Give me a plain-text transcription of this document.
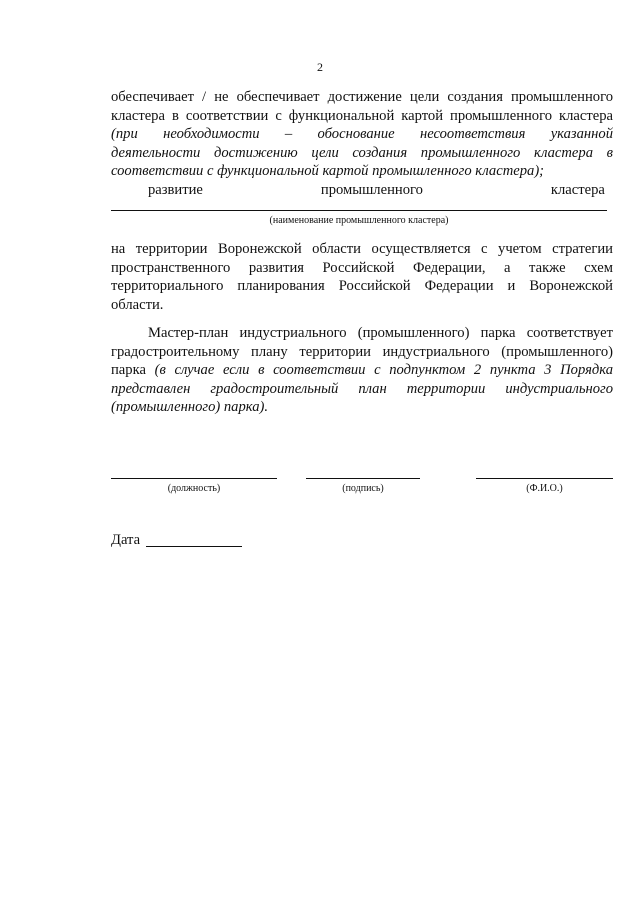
2
обеспечивает / не обеспечивает достижение цели создания промышленного
кластера в соответствии с функциональной картой промышленного кластера
(при необходимости – обоснование несоответствия указанной
деятельности достижению цели создания промышленного кластера в
соответствии с функциональной картой промышленного кластера);
развитие	промышленного	кластера
(наименование промышленного кластера)
на территории Воронежской области осуществляется с учетом стратегии
пространственного развития Российской Федерации, а также схем
территориального планирования Российской Федерации и Воронежской
области.
Мастер-план индустриального (промышленного) парка соответствует
градостроительному плану территории индустриального (промышленного)
парка (в случае если в соответствии с подпунктом 2 пункта 3 Порядка
представлен градостроительный план территории индустриального
(промышленного) парка).
(должность)	(подпись)	(Ф.И.О.)
Дата
